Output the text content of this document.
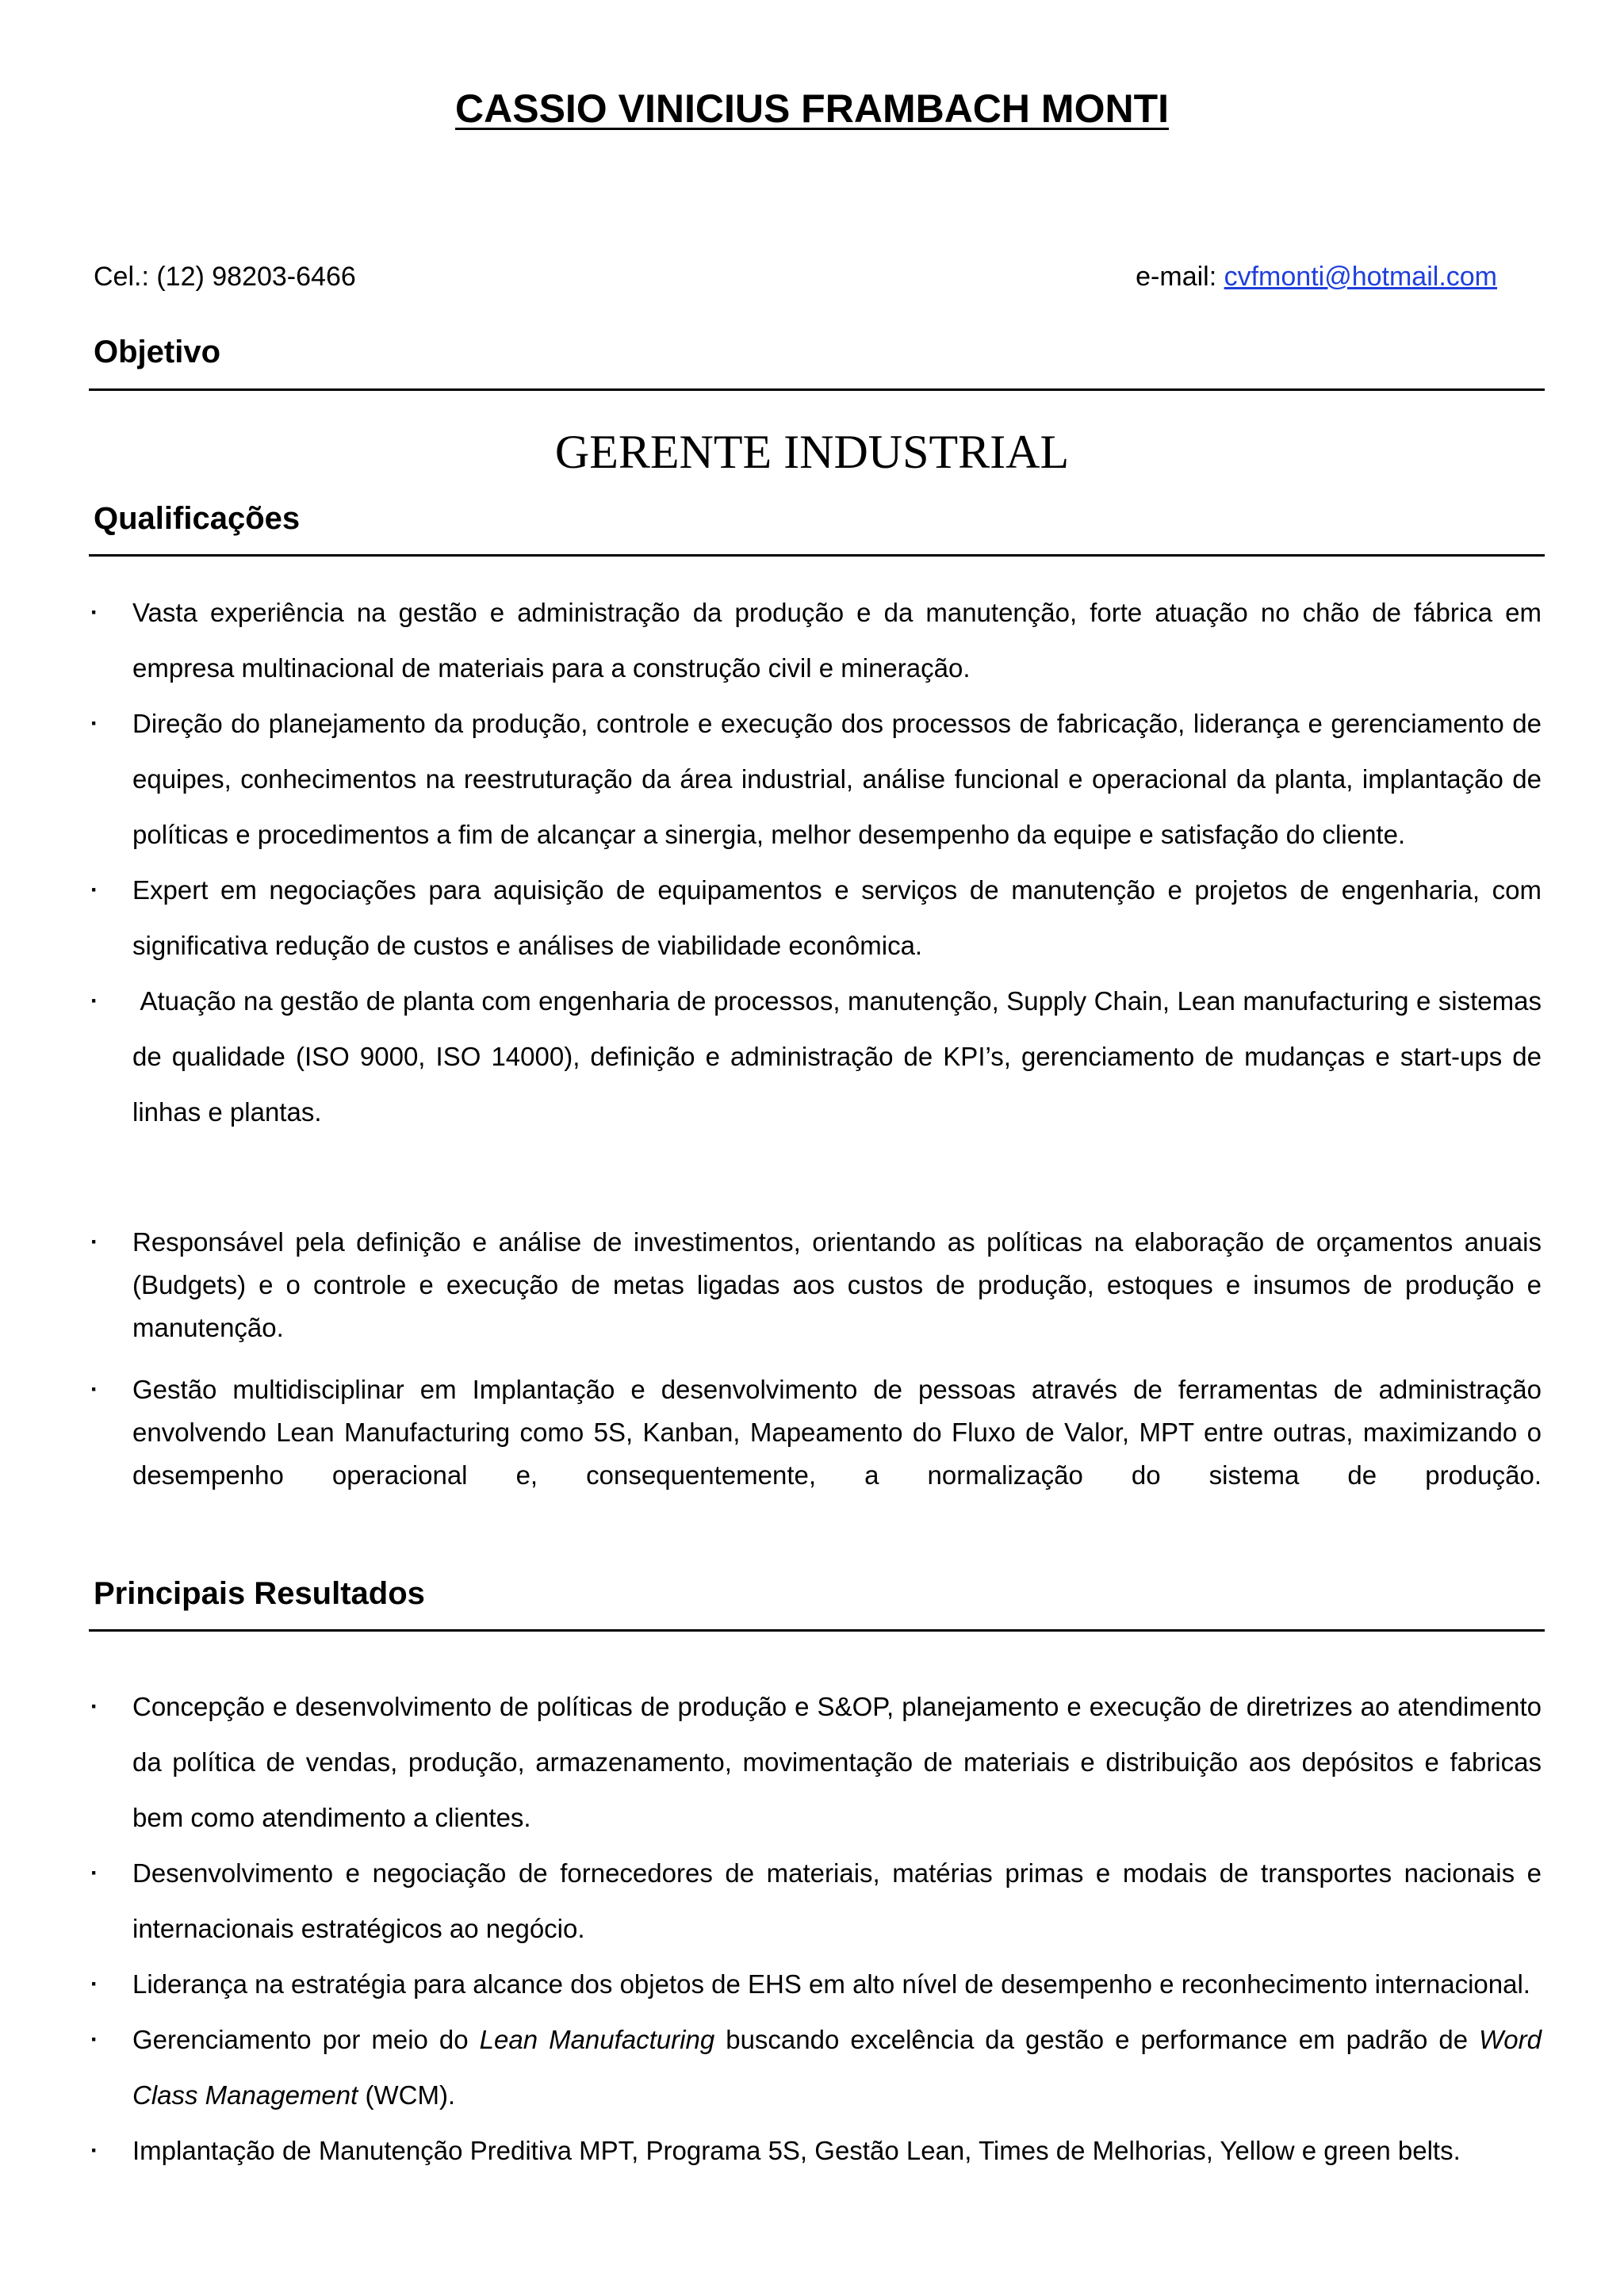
CASSIO VINICIUS FRAMBACH MONTI
Cel.: (12) 98203-6466	e-mail: cvfmonti@hotmail.com
Objetivo
GERENTE INDUSTRIAL
Qualificações
· Vasta experiência na gestão e administração da produção e da manutenção, forte atuação no chão de fábrica em empresa multinacional de materiais para a construção civil e mineração.
· Direção do planejamento da produção, controle e execução dos processos de fabricação, liderança e gerenciamento de equipes, conhecimentos na reestruturação da área industrial, análise funcional e operacional da planta, implantação de políticas e procedimentos a fim de alcançar a sinergia, melhor desempenho da equipe e satisfação do cliente.
· Expert em negociações para aquisição de equipamentos e serviços de manutenção e projetos de engenharia, com significativa redução de custos e análises de viabilidade econômica.
· Atuação na gestão de planta com engenharia de processos, manutenção, Supply Chain, Lean manufacturing e sistemas de qualidade (ISO 9000, ISO 14000), definição e administração de KPI’s, gerenciamento de mudanças e start-ups de linhas e plantas.
· Responsável pela definição e análise de investimentos, orientando as políticas na elaboração de orçamentos anuais (Budgets) e o controle e execução de metas ligadas aos custos de produção, estoques e insumos de produção e manutenção.
· Gestão multidisciplinar em Implantação e desenvolvimento de pessoas através de ferramentas de administração envolvendo Lean Manufacturing como 5S, Kanban, Mapeamento do Fluxo de Valor, MPT entre outras, maximizando o desempenho operacional e, consequentemente, a normalização do sistema de produção.
Principais Resultados
· Concepção e desenvolvimento de políticas de produção e S&OP, planejamento e execução de diretrizes ao atendimento da política de vendas, produção, armazenamento, movimentação de materiais e distribuição aos depósitos e fabricas bem como atendimento a clientes.
· Desenvolvimento e negociação de fornecedores de materiais, matérias primas e modais de transportes nacionais e internacionais estratégicos ao negócio.
· Liderança na estratégia para alcance dos objetos de EHS em alto nível de desempenho e reconhecimento internacional.
· Gerenciamento por meio do Lean Manufacturing buscando excelência da gestão e performance em padrão de Word Class Management (WCM).
· Implantação de Manutenção Preditiva MPT, Programa 5S, Gestão Lean, Times de Melhorias, Yellow e green belts.
